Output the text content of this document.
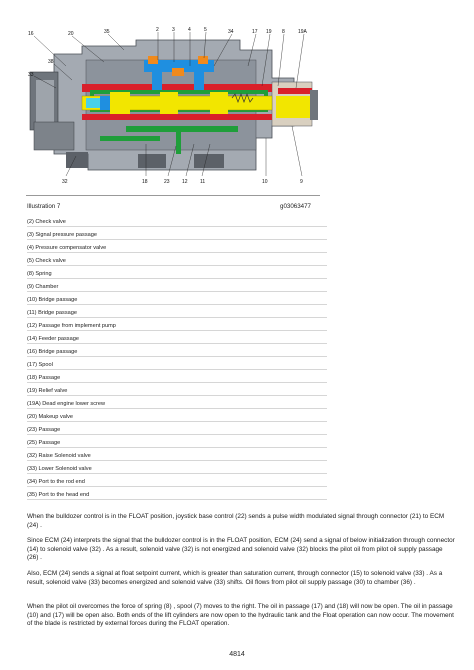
16	20	35	2	3	4	5	34	17 19 8	19A
33
38
32	18	23 12 11	10	9
Illustration 7	g03063477
(2) Check valve
(3) Signal pressure passage
(4) Pressure compensator valve
(5) Check valve
(8) Spring
(9) Chamber
(10) Bridge passage
(11) Bridge passage
(12) Passage from implement pump
(14) Feeder passage
(16) Bridge passage
(17) Spool
(18) Passage
(19) Relief valve
(19A) Dead engine lower screw
(20) Makeup valve
(23) Passage
(25) Passage
(32) Raise Solenoid valve
(33) Lower Solenoid valve
(34) Port to the rod end
(35) Port to the head end

When the bulldozer control is in the FLOAT position, joystick base control (22) sends a pulse width modulated signal through connector (21) to ECM (24) .

Since ECM (24) interprets the signal that the bulldozer control is in the FLOAT position, ECM (24) send a signal of below initialization through connector (14) to solenoid valve (32) . As a result, solenoid valve (32) is not energized and solenoid valve (32) blocks the pilot oil from pilot oil supply passage (26) .

Also, ECM (24) sends a signal at float setpoint current, which is greater than saturation current, through connector (15) to solenoid valve (33) . As a result, solenoid valve (33) becomes energized and solenoid valve (33) shifts. Oil flows from pilot oil supply passage (30) to chamber (36) .

When the pilot oil overcomes the force of spring (8) , spool (7) moves to the right. The oil in passage (17) and (18) will now be open. The oil in passage (10) and (17) will be open also. Both ends of the lift cylinders are now open to the hydraulic tank and the Float operation can now occur. The movement of the blade is restricted by external forces during the FLOAT operation.

4814
